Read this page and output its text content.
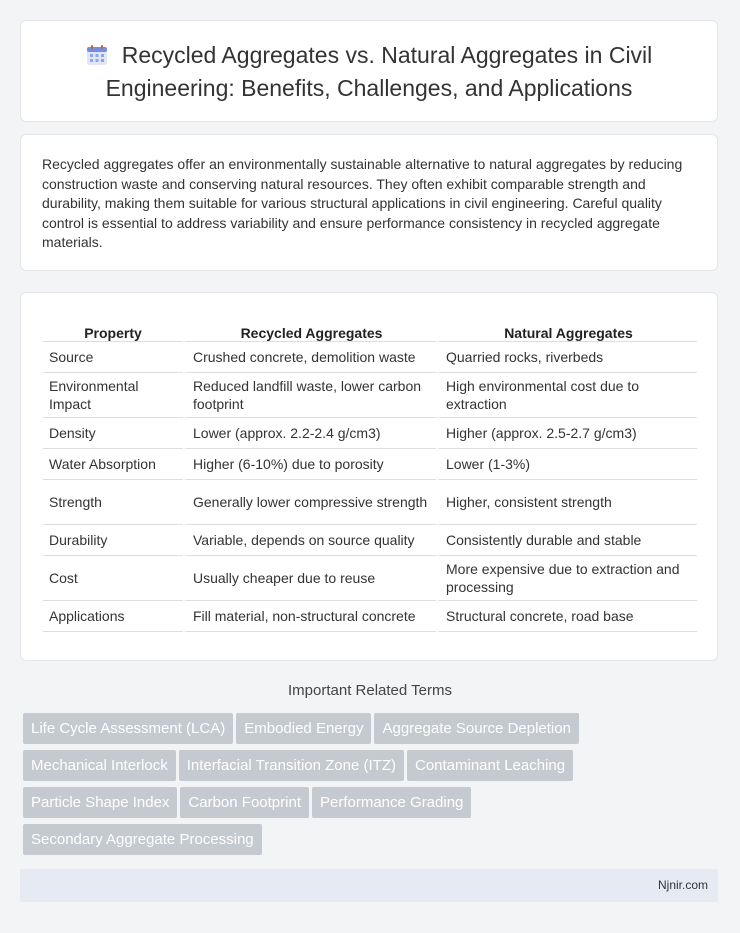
Recycled Aggregates vs. Natural Aggregates in Civil Engineering: Benefits, Challenges, and Applications

Recycled aggregates offer an environmentally sustainable alternative to natural aggregates by reducing construction waste and conserving natural resources. They often exhibit comparable strength and durability, making them suitable for various structural applications in civil engineering. Careful quality control is essential to address variability and ensure performance consistency in recycled aggregate materials.

Property	Recycled Aggregates	Natural Aggregates
Source	Crushed concrete, demolition waste	Quarried rocks, riverbeds
Environmental Impact	Reduced landfill waste, lower carbon footprint	High environmental cost due to extraction
Density	Lower (approx. 2.2-2.4 g/cm3)	Higher (approx. 2.5-2.7 g/cm3)
Water Absorption	Higher (6-10%) due to porosity	Lower (1-3%)
Strength	Generally lower compressive strength	Higher, consistent strength
Durability	Variable, depends on source quality	Consistently durable and stable
Cost	Usually cheaper due to reuse	More expensive due to extraction and processing
Applications	Fill material, non-structural concrete	Structural concrete, road base
Important Related Terms
Life Cycle Assessment (LCA) Embodied Energy Aggregate Source Depletion
Mechanical Interlock Interfacial Transition Zone (ITZ) Contaminant Leaching
Particle Shape Index Carbon Footprint Performance Grading
Secondary Aggregate Processing
Njnir.com
